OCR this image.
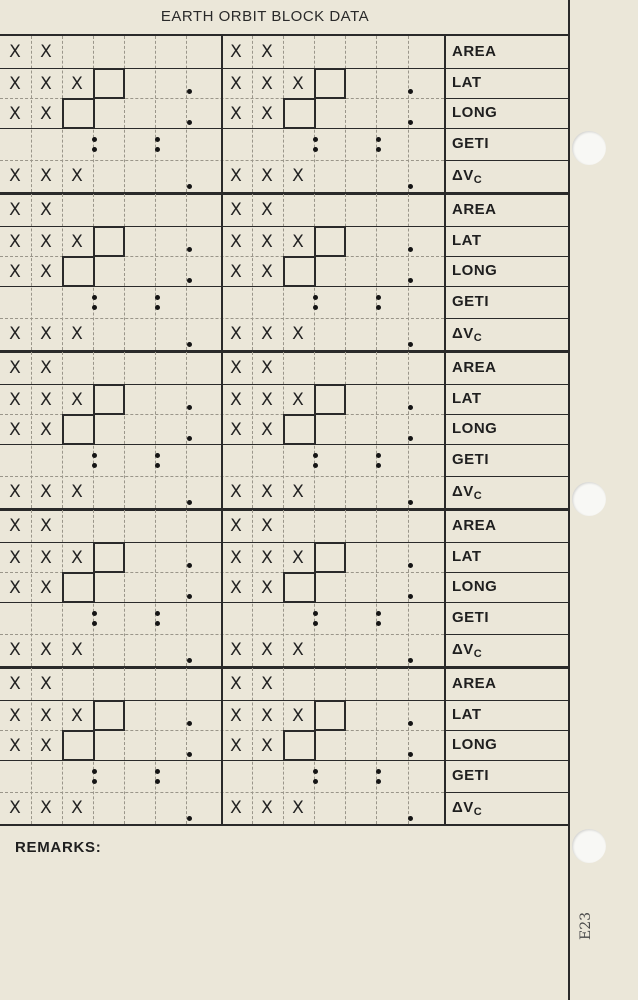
EARTH ORBIT BLOCK DATA
AREA
LAT
LONG
GETI
$\Delta V_C$
X X
X X X
X X
X X X
X X
X X X
X X
X X X
AREA
LAT
LONG
GETI
$\Delta V_C$
X X
X X X
X X
X X X
X X
X X X
X X
X X X
AREA
LAT
LONG
GETI
$\Delta V_C$
X X
X X X
X X
X X X
X X
X X X
X X
X X X
AREA
LAT
LONG
GETI
$\Delta V_C$
X X
X X X
X X
X X X
X X
X X X
X X
X X X
AREA
LAT
LONG
GETI
$\Delta V_C$
X X
X X X
X X
X X X
X X
X X X
X X
X X X
REMARKS:
E23
